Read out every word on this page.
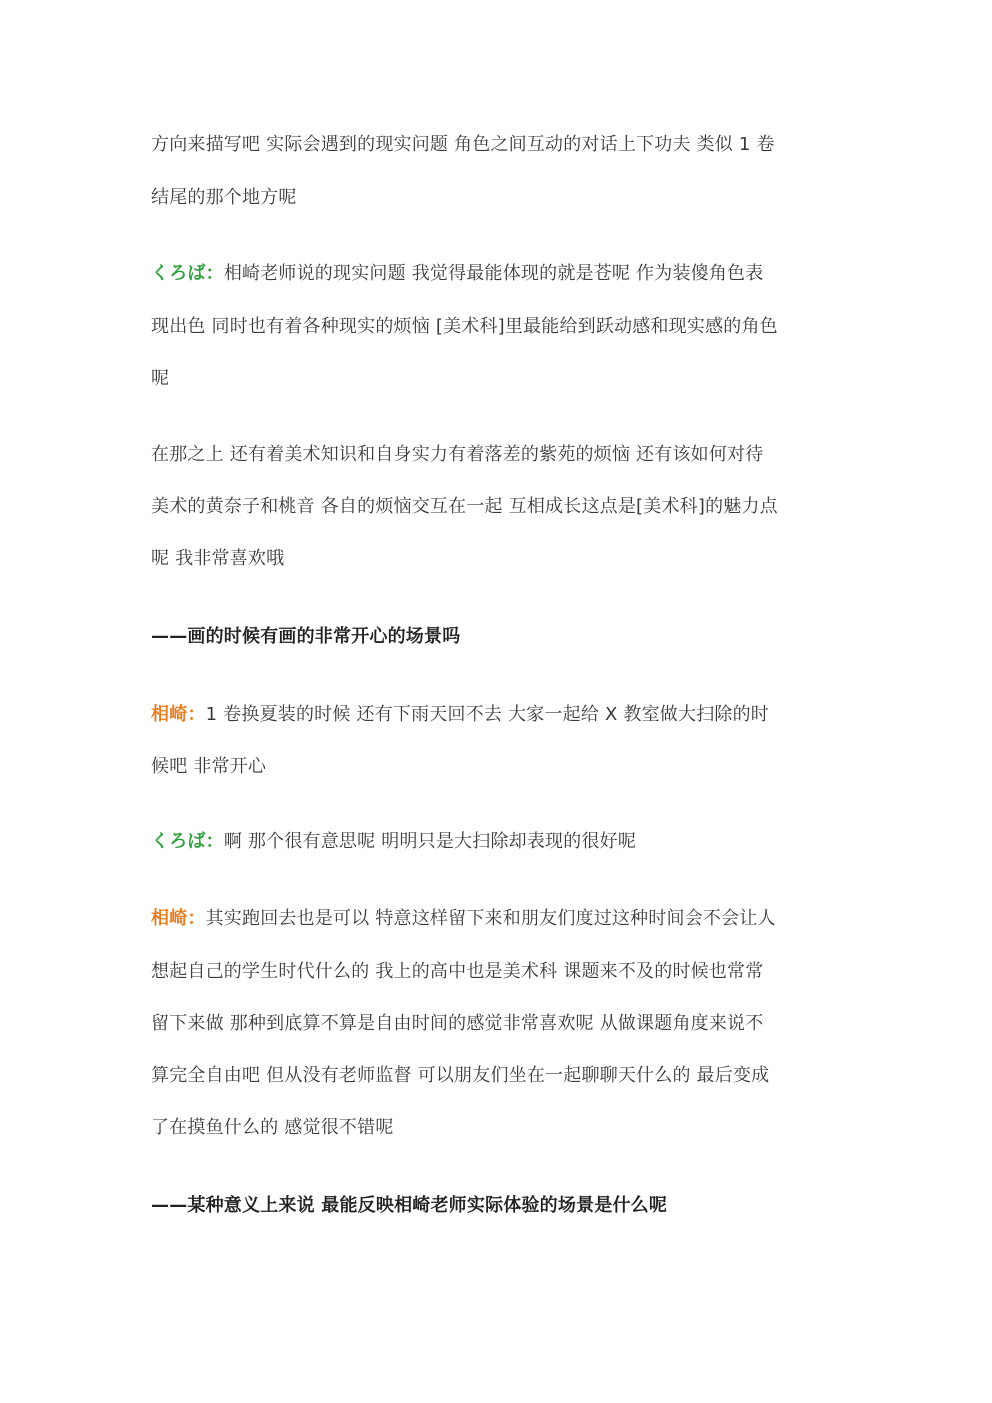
方向来描写吧 实际会遇到的现实问题 角色之间互动的对话上下功夫 类似 1 卷
结尾的那个地方呢
くろば：相崎老师说的现实问题 我觉得最能体现的就是苍呢 作为装傻角色表
现出色 同时也有着各种现实的烦恼 [美术科]里最能给到跃动感和现实感的角色
呢
在那之上 还有着美术知识和自身实力有着落差的紫苑的烦恼 还有该如何对待
美术的黄奈子和桃音 各自的烦恼交互在一起 互相成长这点是[美术科]的魅力点
呢 我非常喜欢哦
——画的时候有画的非常开心的场景吗
相崎：1 卷换夏装的时候 还有下雨天回不去 大家一起给 X 教室做大扫除的时
候吧 非常开心
くろば：啊 那个很有意思呢 明明只是大扫除却表现的很好呢
相崎：其实跑回去也是可以 特意这样留下来和朋友们度过这种时间会不会让人
想起自己的学生时代什么的 我上的高中也是美术科 课题来不及的时候也常常
留下来做 那种到底算不算是自由时间的感觉非常喜欢呢 从做课题角度来说不
算完全自由吧 但从没有老师监督 可以朋友们坐在一起聊聊天什么的 最后变成
了在摸鱼什么的 感觉很不错呢
——某种意义上来说 最能反映相崎老师实际体验的场景是什么呢
